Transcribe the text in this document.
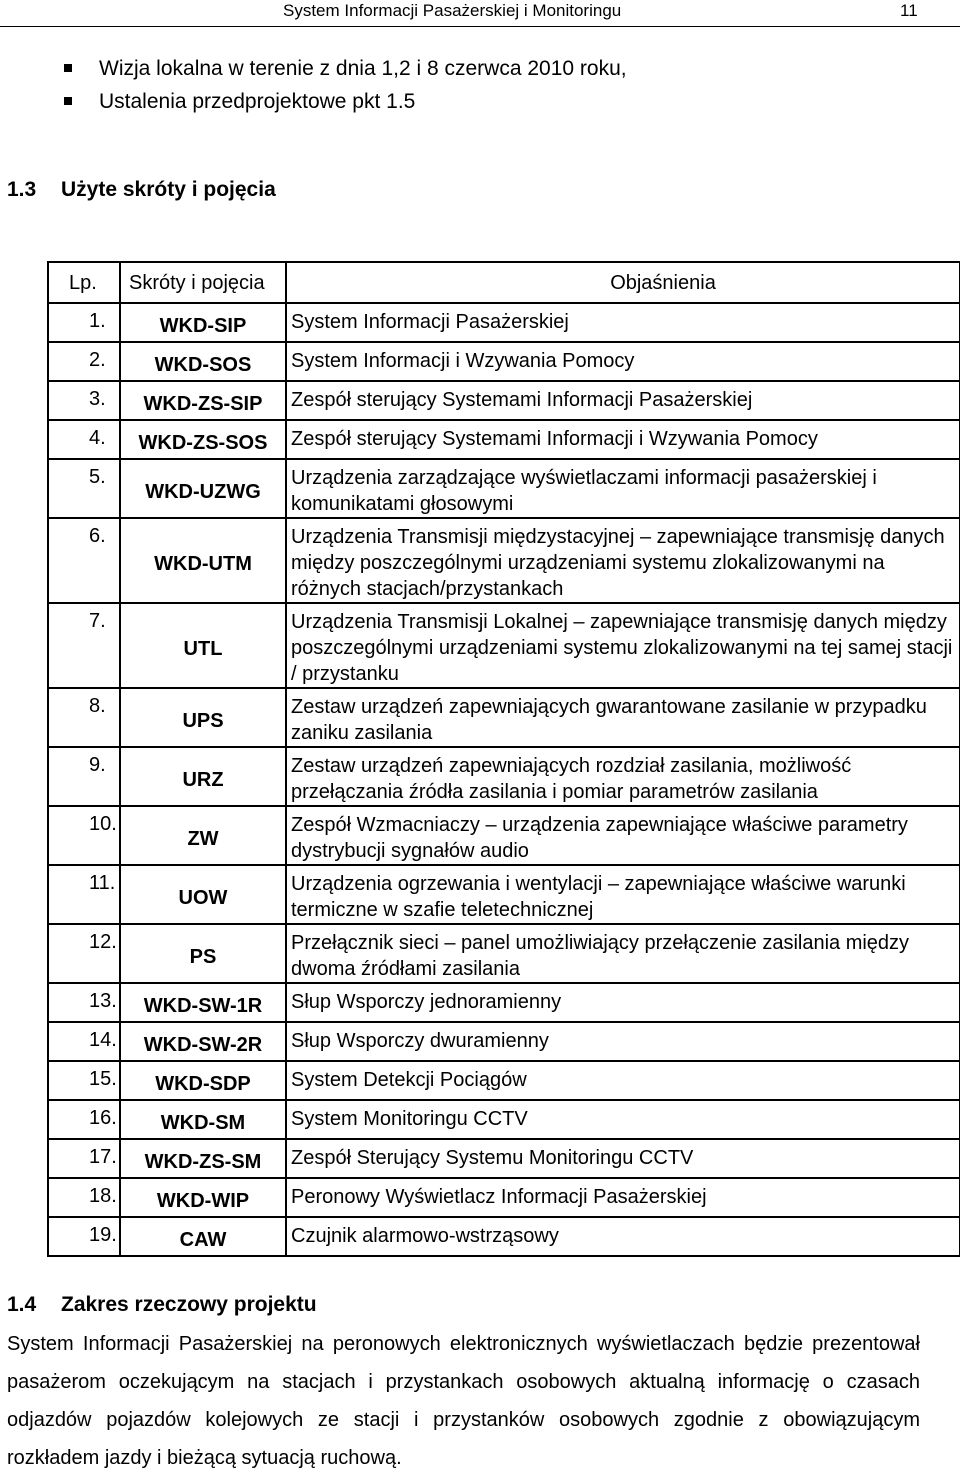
System Informacji Pasażerskiej i Monitoringu	11
Wizja lokalna w terenie z dnia 1,2 i 8 czerwca 2010 roku,
Ustalenia przedprojektowe pkt 1.5
1.3 Użyte skróty i pojęcia
Lp.	Skróty i pojęcia	Objaśnienia
1.	WKD-SIP	System Informacji Pasażerskiej
2.	WKD-SOS	System Informacji i Wzywania Pomocy
3.	WKD-ZS-SIP	Zespół sterujący Systemami Informacji Pasażerskiej
4.	WKD-ZS-SOS	Zespół sterujący Systemami Informacji i Wzywania Pomocy
5.	WKD-UZWG	Urządzenia zarządzające wyświetlaczami informacji pasażerskiej i komunikatami głosowymi
6.	WKD-UTM	Urządzenia Transmisji międzystacyjnej – zapewniające transmisję danych między poszczególnymi urządzeniami systemu zlokalizowanymi na różnych stacjach/przystankach
7.	UTL	Urządzenia Transmisji Lokalnej – zapewniające transmisję danych między poszczególnymi urządzeniami systemu zlokalizowanymi na tej samej stacji / przystanku
8.	UPS	Zestaw urządzeń zapewniających gwarantowane zasilanie w przypadku zaniku zasilania
9.	URZ	Zestaw urządzeń zapewniających rozdział zasilania, możliwość przełączania źródła zasilania i pomiar parametrów zasilania
10.	ZW	Zespół Wzmacniaczy – urządzenia zapewniające właściwe parametry dystrybucji sygnałów audio
11.	UOW	Urządzenia ogrzewania i wentylacji – zapewniające właściwe warunki termiczne w szafie teletechnicznej
12.	PS	Przełącznik sieci – panel umożliwiający przełączenie zasilania między dwoma źródłami zasilania
13.	WKD-SW-1R	Słup Wsporczy jednoramienny
14.	WKD-SW-2R	Słup Wsporczy dwuramienny
15.	WKD-SDP	System Detekcji Pociągów
16.	WKD-SM	System Monitoringu CCTV
17.	WKD-ZS-SM	Zespół Sterujący Systemu Monitoringu CCTV
18.	WKD-WIP	Peronowy Wyświetlacz Informacji Pasażerskiej
19.	CAW	Czujnik alarmowo-wstrząsowy
1.4 Zakres rzeczowy projektu
System Informacji Pasażerskiej na peronowych elektronicznych wyświetlaczach będzie prezentował pasażerom oczekującym na stacjach i przystankach osobowych aktualną informację o czasach odjazdów pojazdów kolejowych ze stacji i przystanków osobowych zgodnie z obowiązującym rozkładem jazdy i bieżącą sytuacją ruchową.
